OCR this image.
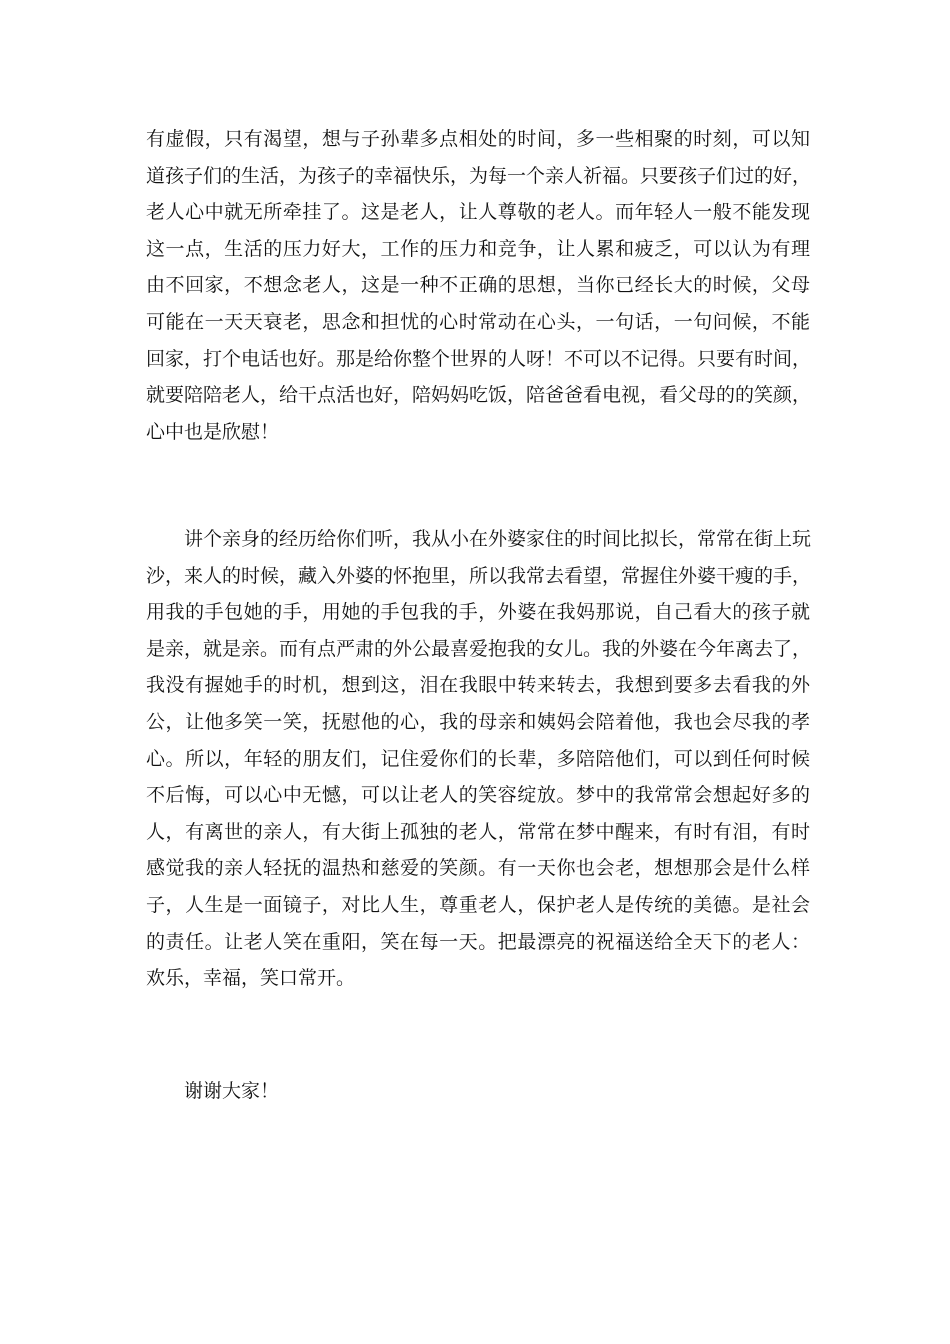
有虚假，只有渴望，想与子孙辈多点相处的时间，多一些相聚的时刻，可以知
道孩子们的生活，为孩子的幸福快乐，为每一个亲人祈福。只要孩子们过的好，
老人心中就无所牵挂了。这是老人，让人尊敬的老人。而年轻人一般不能发现
这一点，生活的压力好大，工作的压力和竞争，让人累和疲乏，可以认为有理
由不回家，不想念老人，这是一种不正确的思想，当你已经长大的时候，父母
可能在一天天衰老，思念和担忧的心时常动在心头，一句话，一句问候，不能
回家，打个电话也好。那是给你整个世界的人呀！不可以不记得。只要有时间，
就要陪陪老人，给干点活也好，陪妈妈吃饭，陪爸爸看电视，看父母的的笑颜，
心中也是欣慰！
　　讲个亲身的经历给你们听，我从小在外婆家住的时间比拟长，常常在街上玩
沙，来人的时候，藏入外婆的怀抱里，所以我常去看望，常握住外婆干瘦的手，
用我的手包她的手，用她的手包我的手，外婆在我妈那说，自己看大的孩子就
是亲，就是亲。而有点严肃的外公最喜爱抱我的女儿。我的外婆在今年离去了，
我没有握她手的时机，想到这，泪在我眼中转来转去，我想到要多去看我的外
公，让他多笑一笑，抚慰他的心，我的母亲和姨妈会陪着他，我也会尽我的孝
心。所以，年轻的朋友们，记住爱你们的长辈，多陪陪他们，可以到任何时候
不后悔，可以心中无憾，可以让老人的笑容绽放。梦中的我常常会想起好多的
人，有离世的亲人，有大街上孤独的老人，常常在梦中醒来，有时有泪，有时
感觉我的亲人轻抚的温热和慈爱的笑颜。有一天你也会老，想想那会是什么样
子，人生是一面镜子，对比人生，尊重老人，保护老人是传统的美德。是社会
的责任。让老人笑在重阳，笑在每一天。把最漂亮的祝福送给全天下的老人：
欢乐，幸福，笑口常开。
　　谢谢大家！
